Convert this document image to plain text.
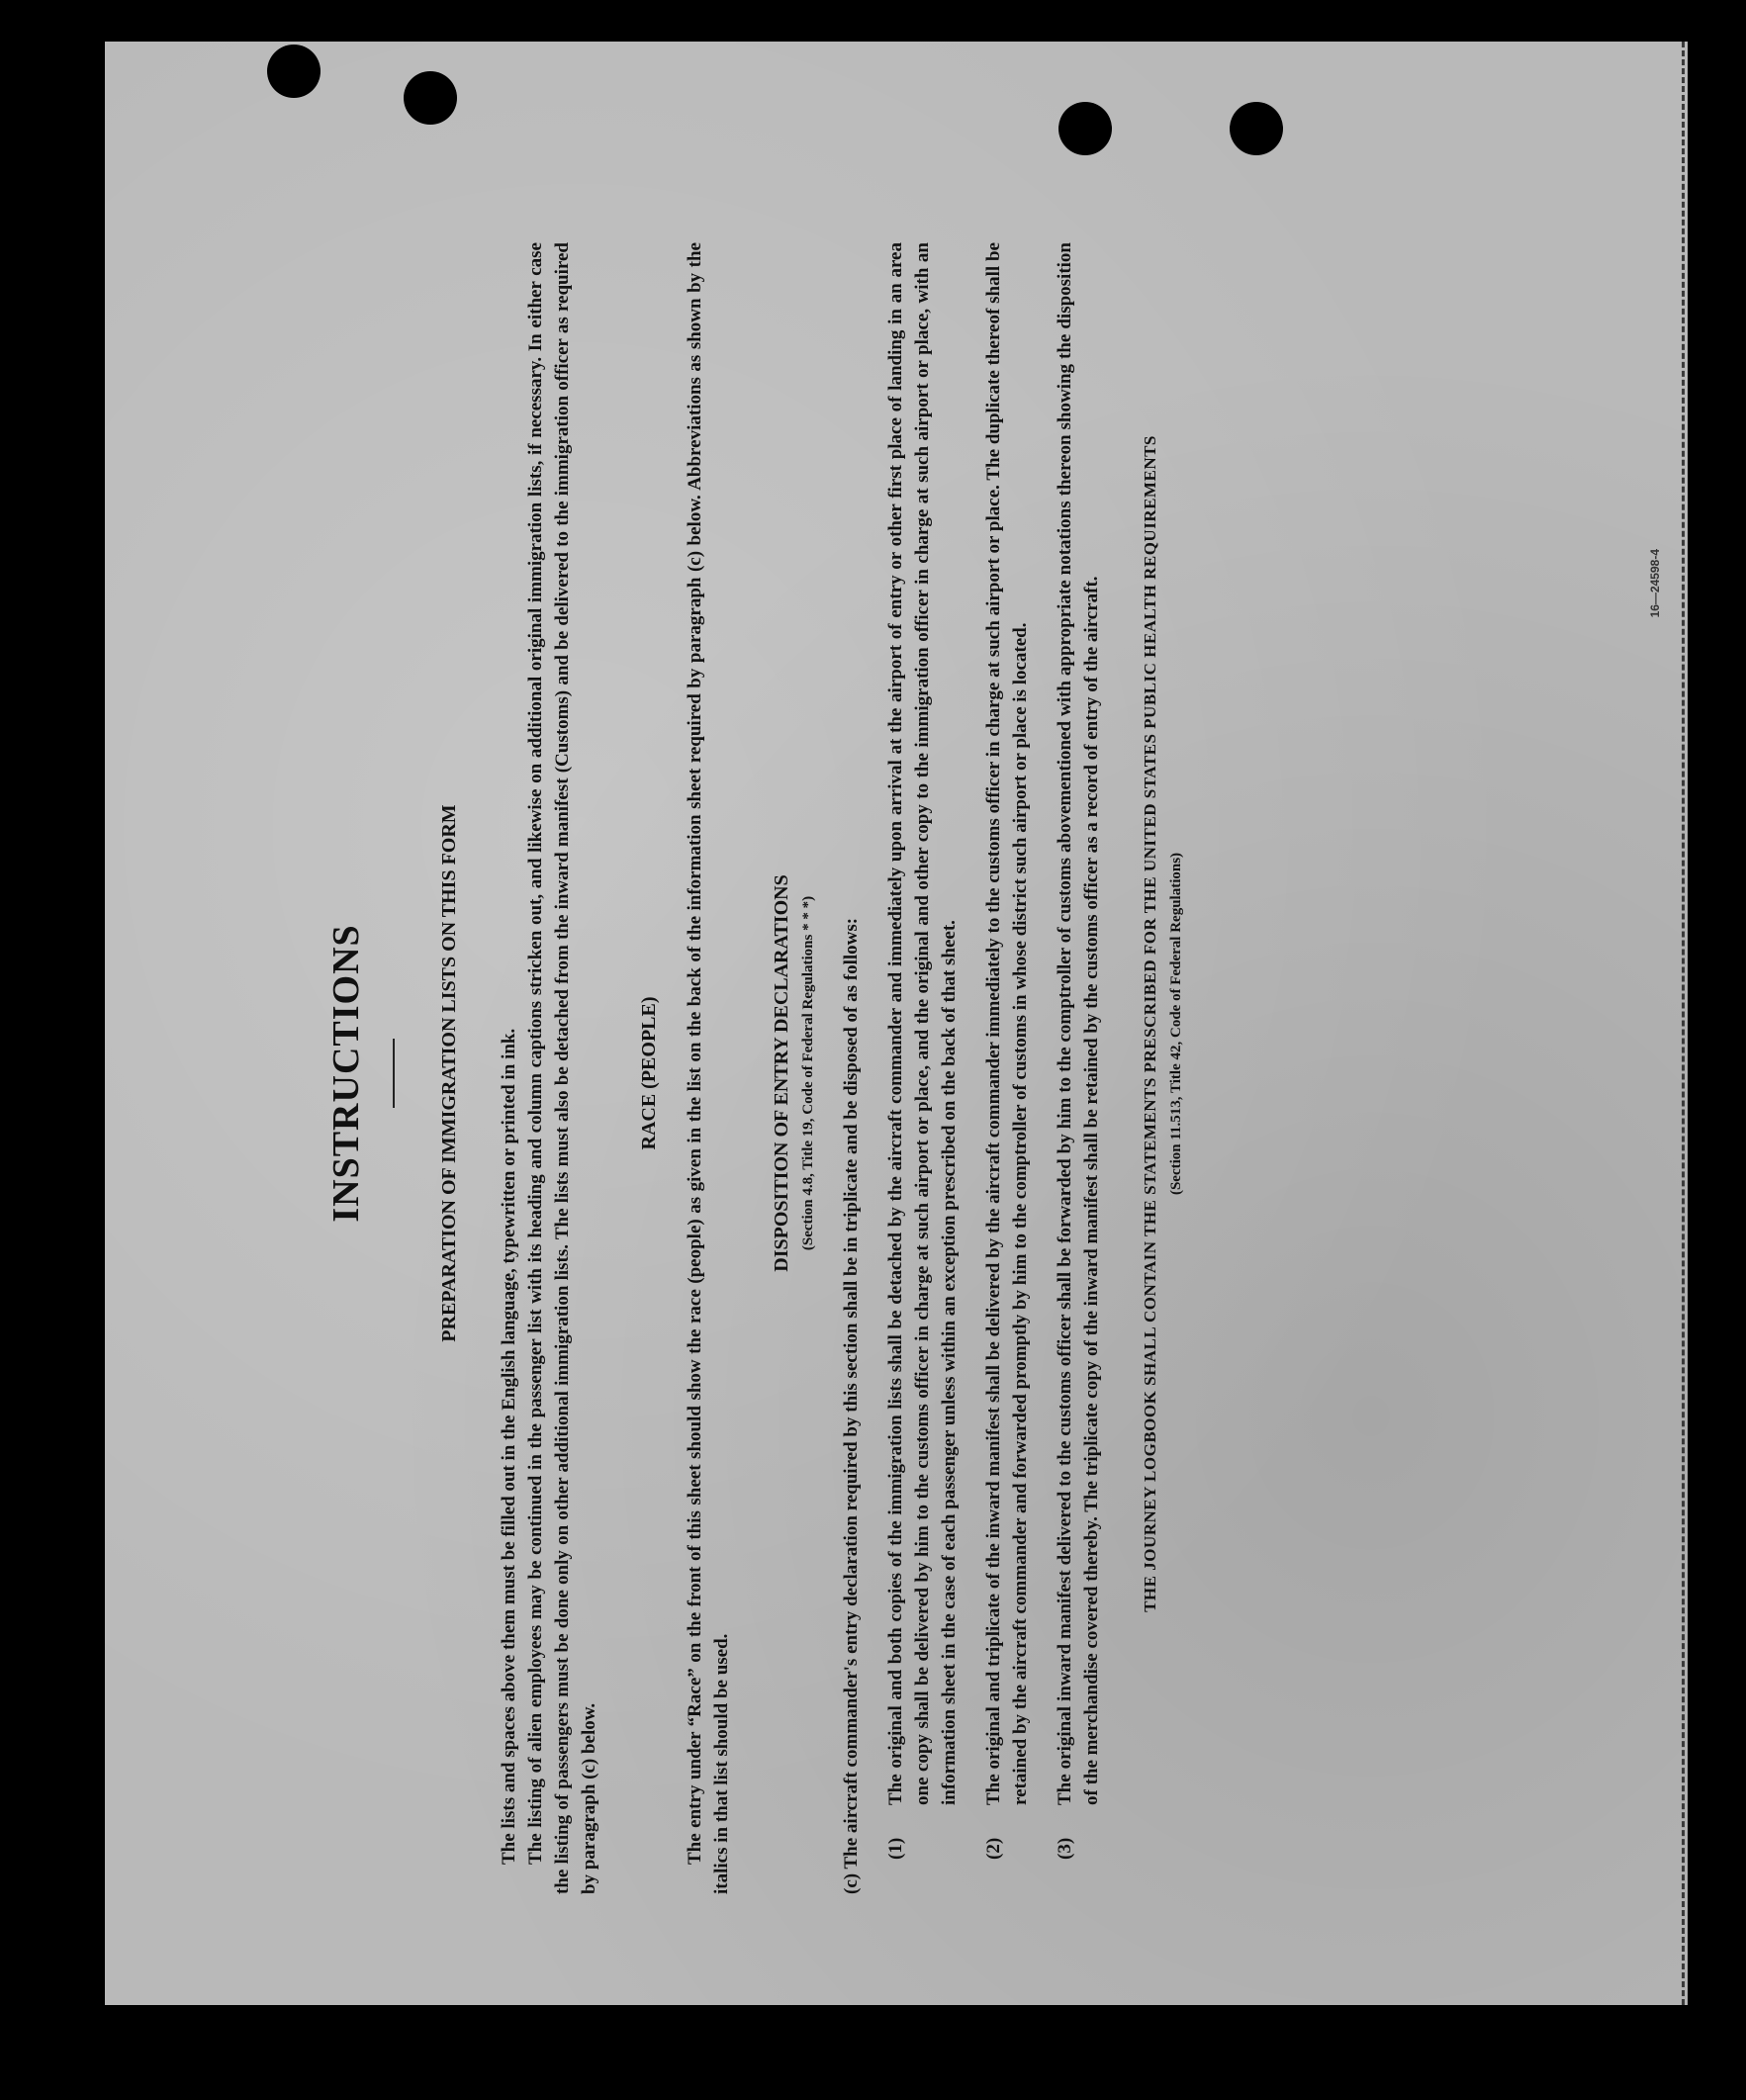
INSTRUCTIONS	PREPARATION OF IMMIGRATION LISTS ON THIS FORM The lists and spaces above them must be filled out in the English language, typewritten or printed in ink. The listing of alien employees may be continued in the passenger list with its heading and column captions stricken out, and likewise on additional original immigration lists, if necessary. In either case the listing of passengers must be done only on other additional immigration lists. The lists must also be detached from the inward manifest (Customs) and be delivered to the immigration officer as required by paragraph (c) below.

RACE (PEOPLE) The entry under “Race” on the front of this sheet should show the race (people) as given in the list on the back of the information sheet required by paragraph (c) below. Abbreviations as shown by the italics in that list should be used.

DISPOSITION OF ENTRY DECLARATIONS (Section 4.8, Title 19, Code of Federal Regulations * * *) (c) The aircraft commander's entry declaration required by this section shall be in triplicate and be disposed of as follows: (1)
The original and both copies of the immigration lists shall be detached by the aircraft commander and immediately upon arrival at the airport of entry or other first place of landing in an area one copy shall be delivered by him to the customs officer in charge at such airport or place, and the original and other copy to the immigration officer in charge at such airport or place, with an information sheet in the case of each passenger unless within an exception prescribed on the back of that sheet.
(2)
The original and triplicate of the inward manifest shall be delivered by the aircraft commander immediately to the customs officer in charge at such airport or place. The duplicate thereof shall be retained by the aircraft commander and forwarded promptly by him to the comptroller of customs in whose district such airport or place is located.
(3)
The original inward manifest delivered to the customs officer shall be forwarded by him to the comptroller of customs abovementioned with appropriate notations thereon showing the disposition of the merchandise covered thereby. The triplicate copy of the inward manifest shall be retained by the customs officer as a record of entry of the aircraft. THE JOURNEY LOGBOOK SHALL CONTAIN THE STATEMENTS PRESCRIBED FOR THE UNITED STATES PUBLIC HEALTH REQUIREMENTS (Section 11.513, Title 42, Code of Federal Regulations)

16—24598-4
